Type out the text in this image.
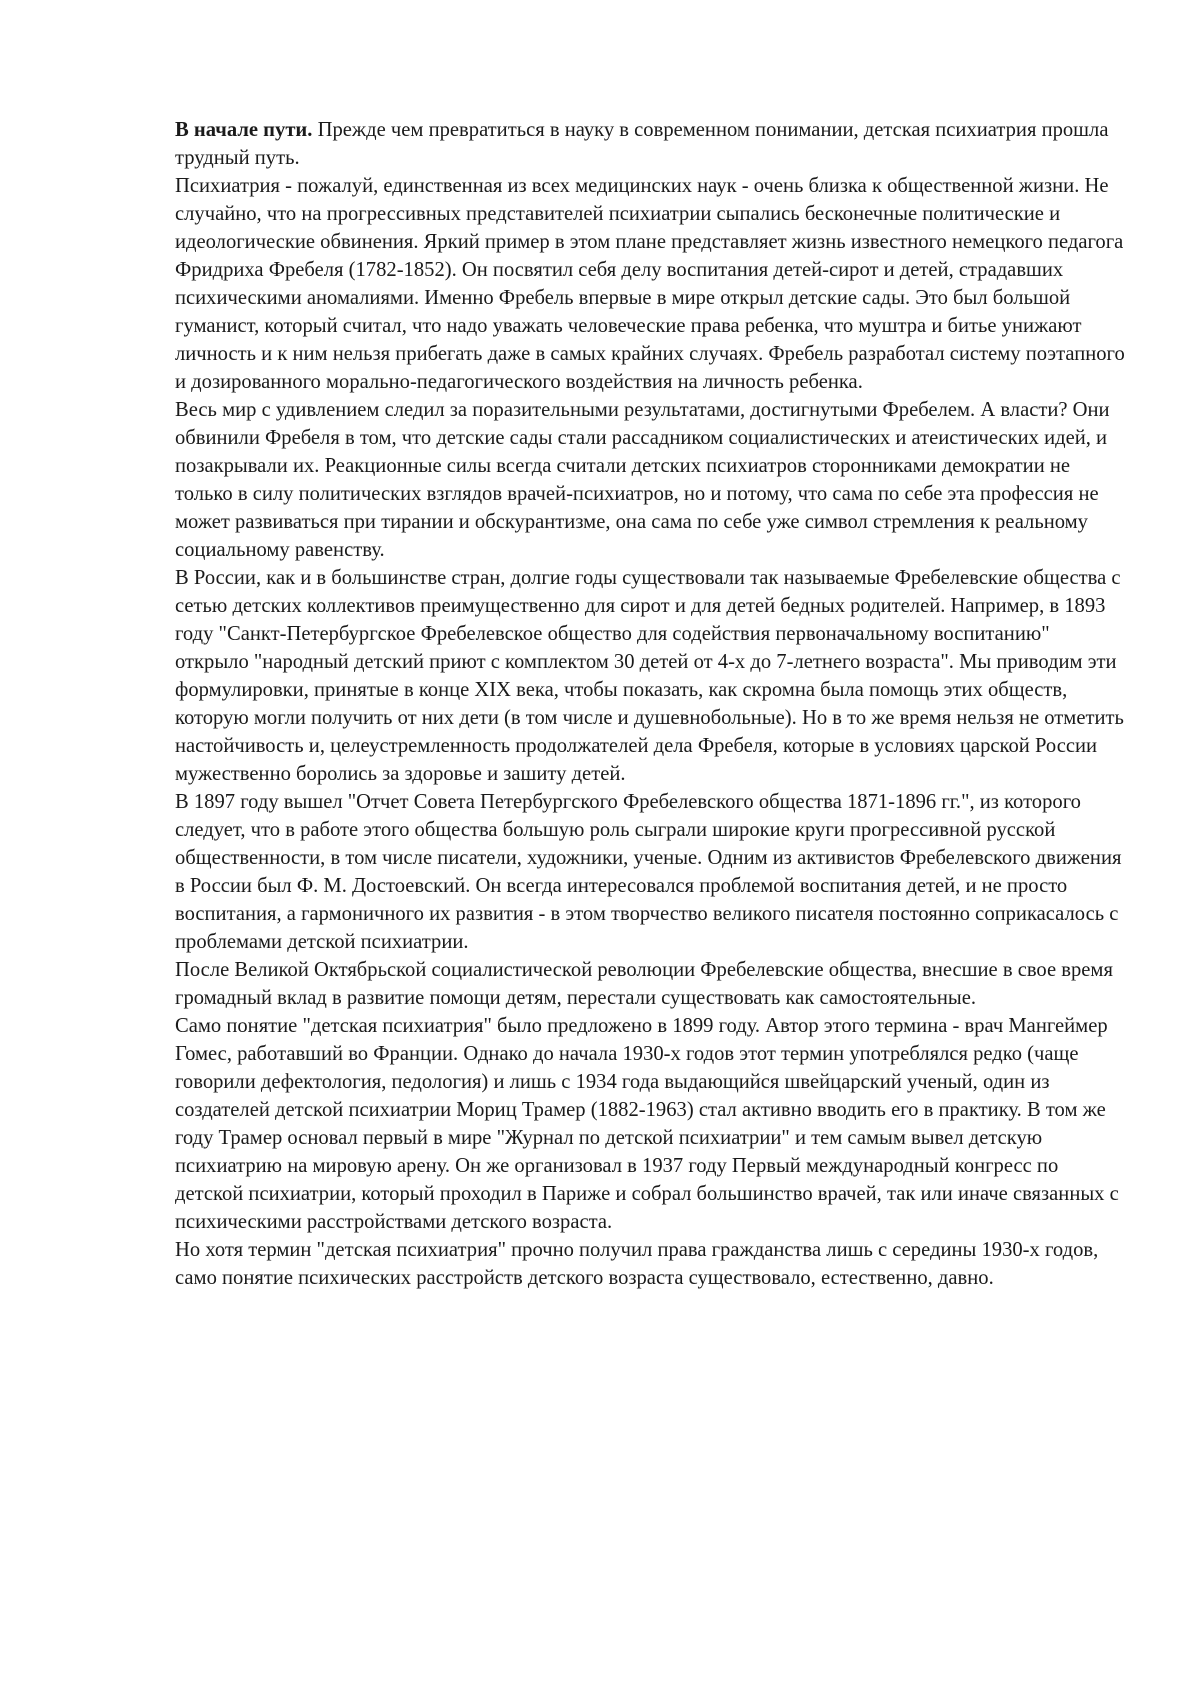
В начале пути. Прежде чем превратиться в науку в современном понимании, детская психиатрия прошла трудный путь.

Психиатрия - пожалуй, единственная из всех медицинских наук - очень близка к общественной жизни. Не случайно, что на прогрессивных представителей психиатрии сыпались бесконечные политические и идеологические обвинения. Яркий пример в этом плане представляет жизнь известного немецкого педагога Фридриха Фребеля (1782-1852). Он посвятил себя делу воспитания детей-сирот и детей, страдавших психическими аномалиями. Именно Фребель впервые в мире открыл детские сады. Это был большой гуманист, который считал, что надо уважать человеческие права ребенка, что муштра и битье унижают личность и к ним нельзя прибегать даже в самых крайних случаях. Фребель разработал систему поэтапного и дозированного морально-педагогического воздействия на личность ребенка.

Весь мир с удивлением следил за поразительными результатами, достигнутыми Фребелем. А власти? Они обвинили Фребеля в том, что детские сады стали рассадником социалистических и атеистических идей, и позакрывали их. Реакционные силы всегда считали детских психиатров сторонниками демократии не только в силу политических взглядов врачей-психиатров, но и потому, что сама по себе эта профессия не может развиваться при тирании и обскурантизме, она сама по себе уже символ стремления к реальному социальному равенству.

В России, как и в большинстве стран, долгие годы существовали так называемые Фребелевские общества с сетью детских коллективов преимущественно для сирот и для детей бедных родителей. Например, в 1893 году "Санкт-Петербургское Фребелевское общество для содействия первоначальному воспитанию" открыло "народный детский приют с комплектом 30 детей от 4-х до 7-летнего возраста". Мы приводим эти формулировки, принятые в конце XIX века, чтобы показать, как скромна была помощь этих обществ, которую могли получить от них дети (в том числе и душевнобольные). Но в то же время нельзя не отметить настойчивость и, целеустремленность продолжателей дела Фребеля, которые в условиях царской России мужественно боролись за здоровье и зашиту детей.

В 1897 году вышел "Отчет Совета Петербургского Фребелевского общества 1871-1896 гг.", из которого следует, что в работе этого общества большую роль сыграли широкие круги прогрессивной русской общественности, в том числе писатели, художники, ученые. Одним из активистов Фребелевского движения в России был Ф. М. Достоевский. Он всегда интересовался проблемой воспитания детей, и не просто воспитания, а гармоничного их развития - в этом творчество великого писателя постоянно соприкасалось с проблемами детской психиатрии.

После Великой Октябрьской социалистической революции Фребелевские общества, внесшие в свое время громадный вклад в развитие помощи детям, перестали существовать как самостоятельные.

Само понятие "детская психиатрия" было предложено в 1899 году. Автор этого термина - врач Мангеймер Гомес, работавший во Франции. Однако до начала 1930-х годов этот термин употреблялся редко (чаще говорили дефектология, педология) и лишь с 1934 года выдающийся швейцарский ученый, один из создателей детской психиатрии Мориц Трамер (1882-1963) стал активно вводить его в практику. В том же году Трамер основал первый в мире "Журнал по детской психиатрии" и тем самым вывел детскую психиатрию на мировую арену. Он же организовал в 1937 году Первый международный конгресс по детской психиатрии, который проходил в Париже и собрал большинство врачей, так или иначе связанных с психическими расстройствами детского возраста.

Но хотя термин "детская психиатрия" прочно получил права гражданства лишь с середины 1930-х годов, само понятие психических расстройств детского возраста существовало, естественно, давно.
